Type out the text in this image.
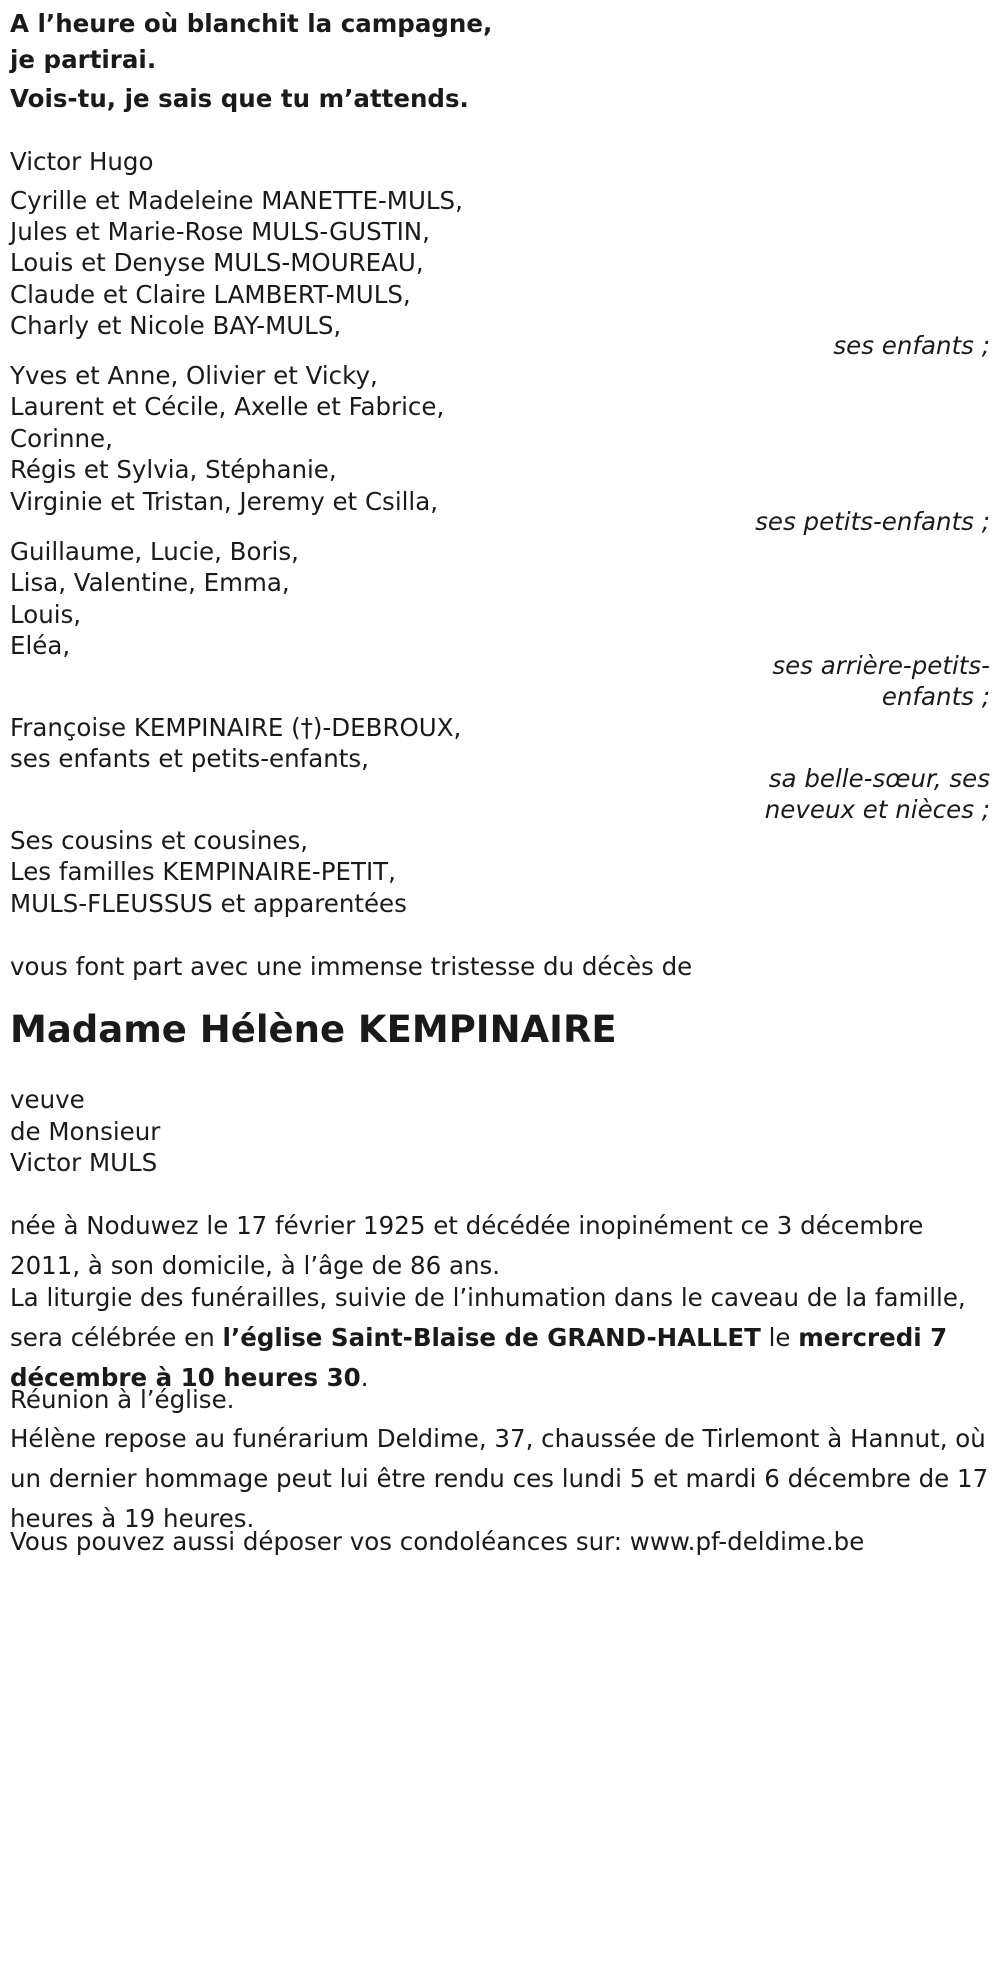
A l’heure où blanchit la campagne,
je partirai.
Vois-tu, je sais que tu m’attends.
Victor Hugo
Cyrille et Madeleine MANETTE-MULS,
Jules et Marie-Rose MULS-GUSTIN,
Louis et Denyse MULS-MOUREAU,
Claude et Claire LAMBERT-MULS,
Charly et Nicole BAY-MULS,
ses enfants ;
Yves et Anne, Olivier et Vicky,
Laurent et Cécile, Axelle et Fabrice,
Corinne,
Régis et Sylvia, Stéphanie,
Virginie et Tristan, Jeremy et Csilla,
ses petits-enfants ;
Guillaume, Lucie, Boris,
Lisa, Valentine, Emma,
Louis,
Eléa,
ses arrière-petits-
enfants ;
Françoise KEMPINAIRE (†)-DEBROUX,
ses enfants et petits-enfants,
sa belle-sœur, ses
neveux et nièces ;
Ses cousins et cousines,
Les familles KEMPINAIRE-PETIT,
MULS-FLEUSSUS et apparentées
vous font part avec une immense tristesse du décès de
Madame Hélène KEMPINAIRE
veuve
de Monsieur
Victor MULS
née à Noduwez le 17 février 1925 et décédée inopinément ce 3 décembre 2011, à son domicile, à l’âge de 86 ans.
La liturgie des funérailles, suivie de l’inhumation dans le caveau de la famille, sera célébrée en l’église Saint-Blaise de GRAND-HALLET le mercredi 7 décembre à 10 heures 30.
Réunion à l’église.
Hélène repose au funérarium Deldime, 37, chaussée de Tirlemont à Hannut, où un dernier hommage peut lui être rendu ces lundi 5 et mardi 6 décembre de 17 heures à 19 heures.
Vous pouvez aussi déposer vos condoléances sur: www.pf-deldime.be
